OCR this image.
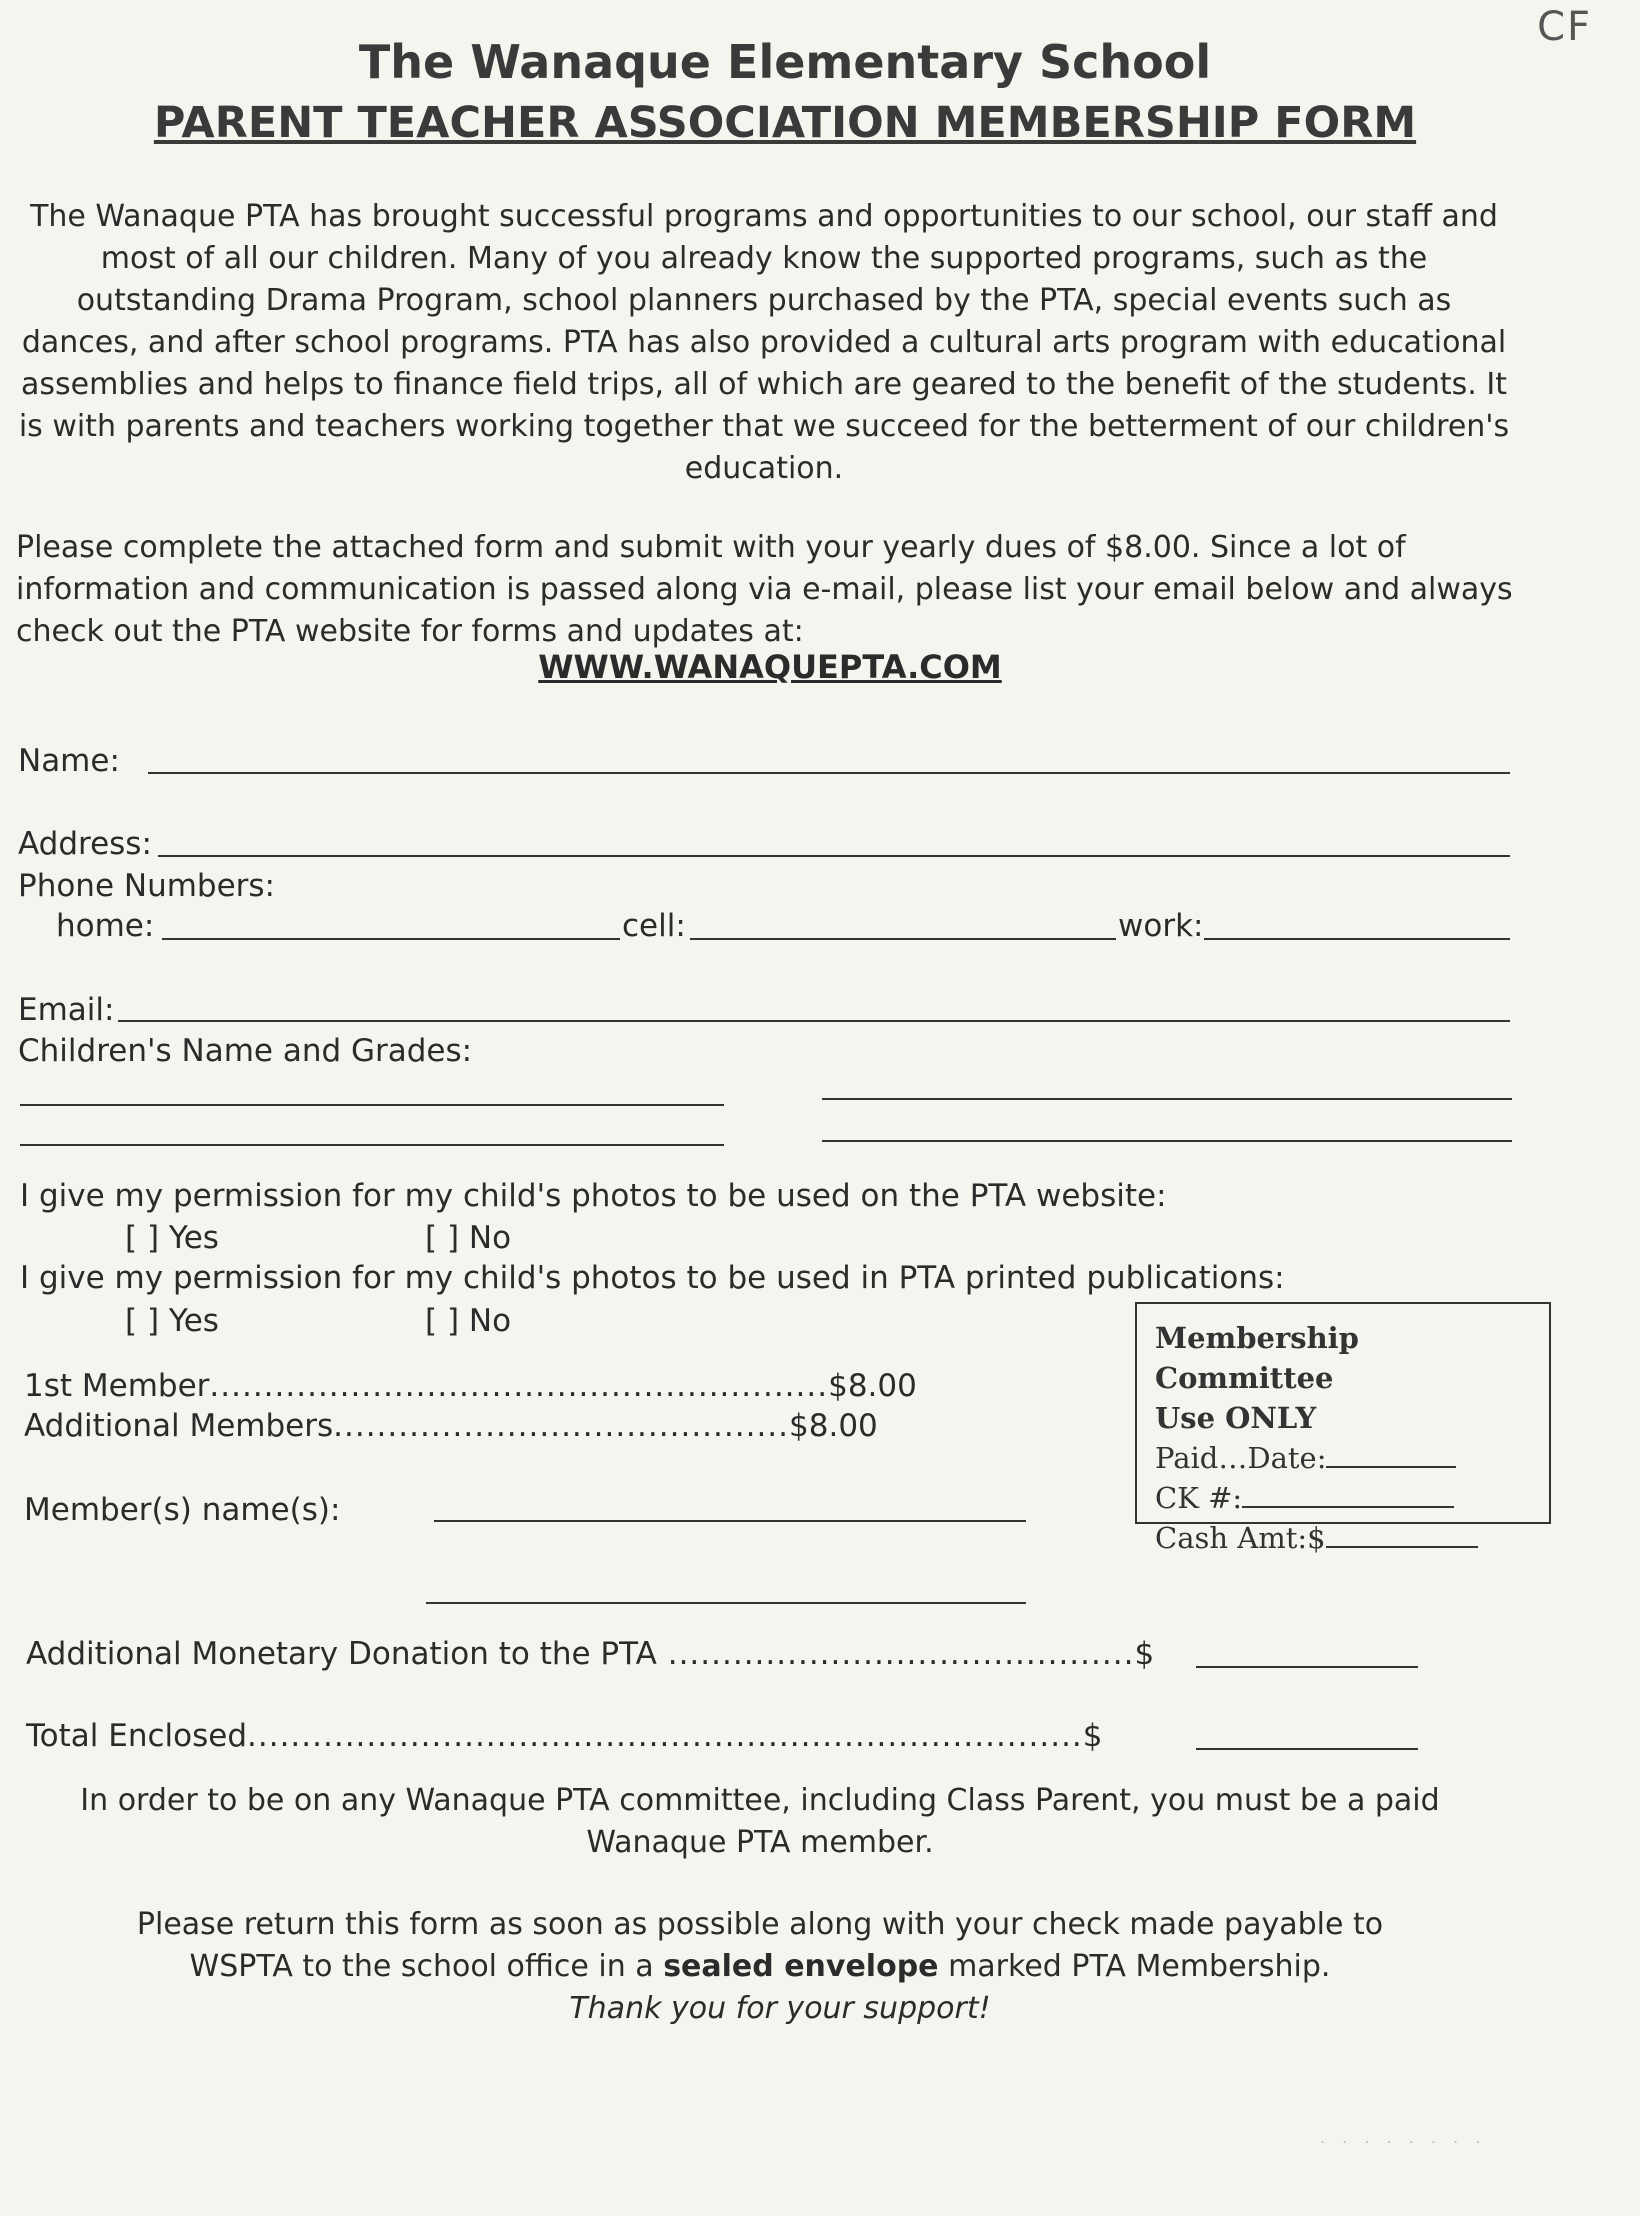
CF
The Wanaque Elementary School
PARENT TEACHER ASSOCIATION MEMBERSHIP FORM
The Wanaque PTA has brought successful programs and opportunities to our school, our staff and most of all our children. Many of you already know the supported programs, such as the outstanding Drama Program, school planners purchased by the PTA, special events such as dances, and after school programs. PTA has also provided a cultural arts program with educational assemblies and helps to finance field trips, all of which are geared to the benefit of the students. It is with parents and teachers working together that we succeed for the betterment of our children's education.
Please complete the attached form and submit with your yearly dues of $8.00. Since a lot of information and communication is passed along via e-mail, please list your email below and always check out the PTA website for forms and updates at:
WWW.WANAQUEPTA.COM
Name:
Address:
Phone Numbers:
home:	cell:	work:
Email:
Children's Name and Grades:
I give my permission for my child's photos to be used on the PTA website:
[ ] Yes	[ ] No
I give my permission for my child's photos to be used in PTA printed publications:
[ ] Yes	[ ] No
1st Member.........................................................$8.00
Additional Members..........................................$8.00
Member(s) name(s):
Membership Committee
Use ONLY
Paid…Date:
CK #:
Cash Amt:$
Additional Monetary Donation to the PTA ...........................................$
Total Enclosed.............................................................................$
In order to be on any Wanaque PTA committee, including Class Parent, you must be a paid Wanaque PTA member.
Please return this form as soon as possible along with your check made payable to WSPTA to the school office in a sealed envelope marked PTA Membership.
Thank you for your support!
. . . . . . . .
